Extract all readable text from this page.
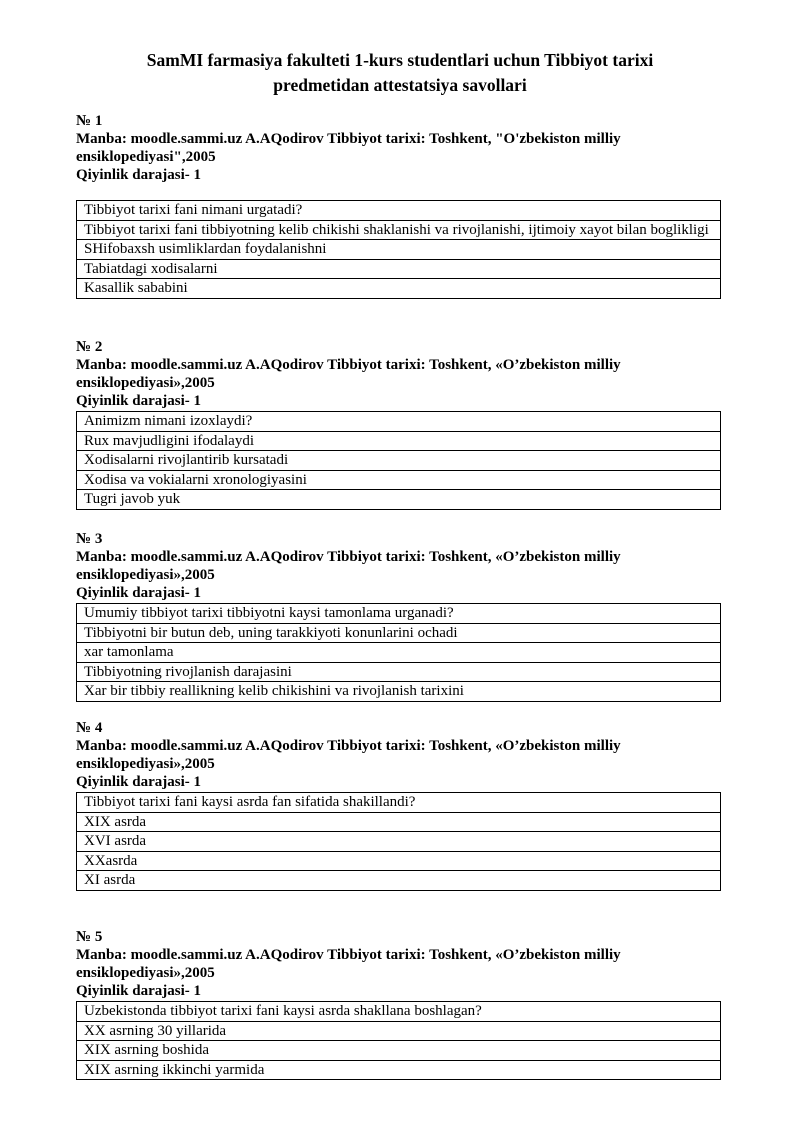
SamMI farmasiya fakulteti 1-kurs studentlari uchun Tibbiyot tarixi
predmetidan attestatsiya savollari
№ 1
Manba: moodle.sammi.uz A.AQodirov Tibbiyot tarixi: Toshkent, "O'zbekiston milliy ensiklopediyasi",2005
Qiyinlik darajasi- 1
Tibbiyot tarixi fani nimani urgatadi?
Tibbiyot tarixi fani tibbiyotning kelib chikishi shaklanishi va rivojlanishi, ijtimoiy xayot bilan boglikligi
SHifobaxsh usimliklardan foydalanishni
Tabiatdagi xodisalarni
Kasallik sababini
№ 2
Manba: moodle.sammi.uz A.AQodirov Tibbiyot tarixi: Toshkent, «O’zbekiston milliy ensiklopediyasi»,2005
Qiyinlik darajasi- 1
Animizm nimani izoxlaydi?
Rux mavjudligini ifodalaydi
Xodisalarni rivojlantirib kursatadi
Xodisa va vokialarni xronologiyasini
Tugri javob yuk
№ 3
Manba: moodle.sammi.uz A.AQodirov Tibbiyot tarixi: Toshkent, «O’zbekiston milliy ensiklopediyasi»,2005
Qiyinlik darajasi- 1
Umumiy tibbiyot tarixi tibbiyotni kaysi tamonlama urganadi?
Tibbiyotni bir butun deb, uning tarakkiyoti konunlarini ochadi
xar tamonlama
Tibbiyotning rivojlanish darajasini
Xar bir tibbiy reallikning kelib chikishini va rivojlanish tarixini
№ 4
Manba: moodle.sammi.uz A.AQodirov Tibbiyot tarixi: Toshkent, «O’zbekiston milliy ensiklopediyasi»,2005
Qiyinlik darajasi- 1
Tibbiyot tarixi fani kaysi asrda fan sifatida shakillandi?
XIX asrda
XVI asrda
XXasrda
XI asrda
№ 5
Manba: moodle.sammi.uz A.AQodirov Tibbiyot tarixi: Toshkent, «O’zbekiston milliy ensiklopediyasi»,2005
Qiyinlik darajasi- 1
Uzbekistonda tibbiyot tarixi fani kaysi asrda shakllana boshlagan?
XX asrning 30 yillarida
XIX asrning boshida
XIX asrning ikkinchi yarmida
